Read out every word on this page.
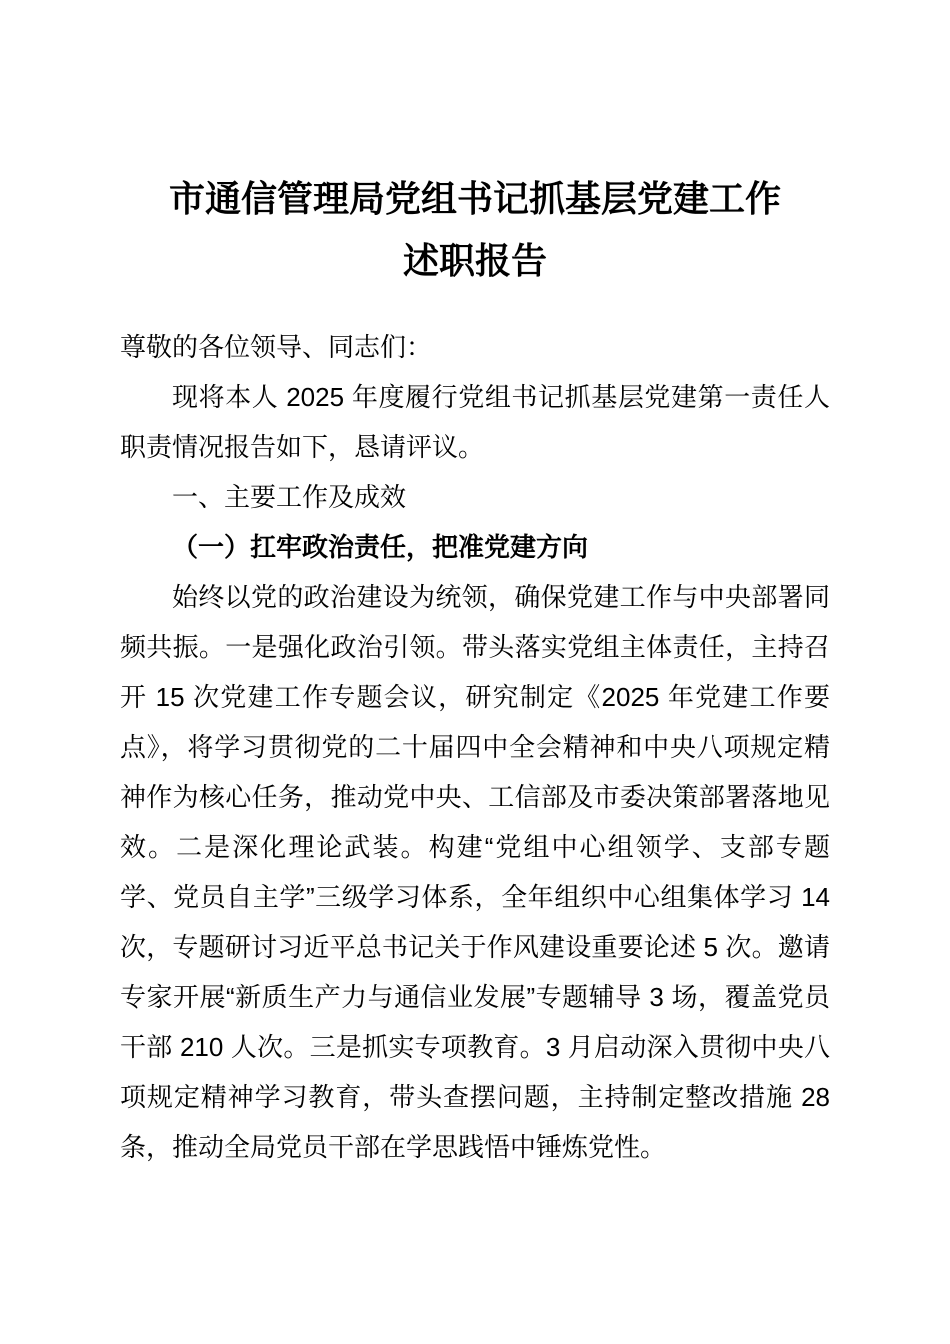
市通信管理局党组书记抓基层党建工作
述职报告

尊敬的各位领导、同志们：

现将本人 2025 年度履行党组书记抓基层党建第一责任人职责情况报告如下，恳请评议。

一、主要工作及成效

（一）扛牢政治责任，把准党建方向

始终以党的政治建设为统领，确保党建工作与中央部署同频共振。一是强化政治引领。带头落实党组主体责任，主持召开 15 次党建工作专题会议，研究制定《2025 年党建工作要点》，将学习贯彻党的二十届四中全会精神和中央八项规定精神作为核心任务，推动党中央、工信部及市委决策部署落地见效。二是深化理论武装。构建“党组中心组领学、支部专题学、党员自主学”三级学习体系，全年组织中心组集体学习 14 次，专题研讨习近平总书记关于作风建设重要论述 5 次。邀请专家开展“新质生产力与通信业发展”专题辅导 3 场，覆盖党员干部 210 人次。三是抓实专项教育。3 月启动深入贯彻中央八项规定精神学习教育，带头查摆问题，主持制定整改措施 28 条，推动全局党员干部在学思践悟中锤炼党性。
